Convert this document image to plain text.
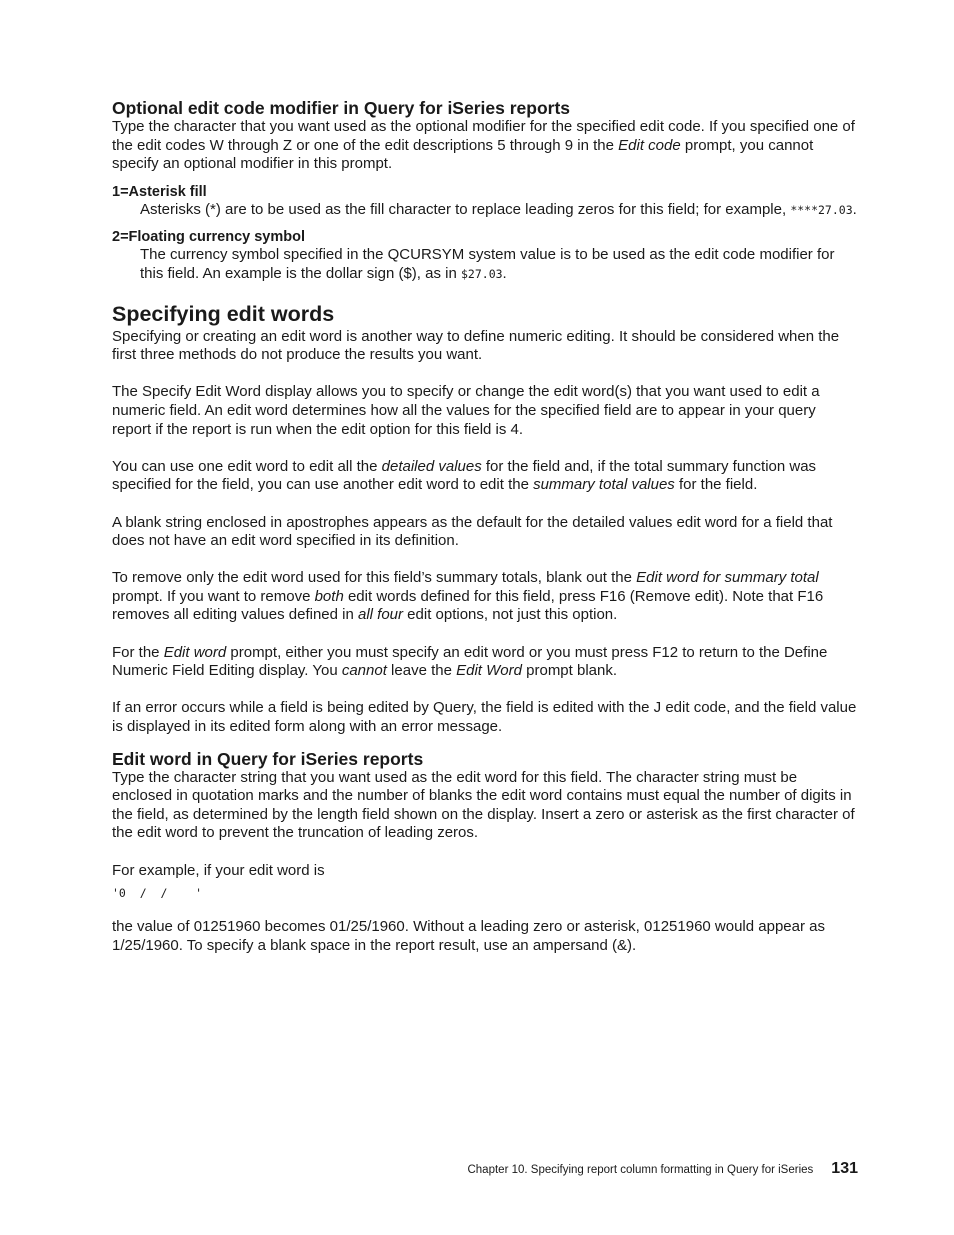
Optional edit code modifier in Query for iSeries reports

Type the character that you want used as the optional modifier for the specified edit code. If you specified one of the edit codes W through Z or one of the edit descriptions 5 through 9 in the Edit code prompt, you cannot specify an optional modifier in this prompt.

1=Asterisk fill

Asterisks (*) are to be used as the fill character to replace leading zeros for this field; for example, ****27.03.

2=Floating currency symbol

The currency symbol specified in the QCURSYM system value is to be used as the edit code modifier for this field. An example is the dollar sign ($), as in $27.03.

Specifying edit words

Specifying or creating an edit word is another way to define numeric editing. It should be considered when the first three methods do not produce the results you want.

The Specify Edit Word display allows you to specify or change the edit word(s) that you want used to edit a numeric field. An edit word determines how all the values for the specified field are to appear in your query report if the report is run when the edit option for this field is 4.

You can use one edit word to edit all the detailed values for the field and, if the total summary function was specified for the field, you can use another edit word to edit the summary total values for the field.

A blank string enclosed in apostrophes appears as the default for the detailed values edit word for a field that does not have an edit word specified in its definition.

To remove only the edit word used for this field’s summary totals, blank out the Edit word for summary total prompt. If you want to remove both edit words defined for this field, press F16 (Remove edit). Note that F16 removes all editing values defined in all four edit options, not just this option.

For the Edit word prompt, either you must specify an edit word or you must press F12 to return to the Define Numeric Field Editing display. You cannot leave the Edit Word prompt blank.

If an error occurs while a field is being edited by Query, the field is edited with the J edit code, and the field value is displayed in its edited form along with an error message.

Edit word in Query for iSeries reports

Type the character string that you want used as the edit word for this field. The character string must be enclosed in quotation marks and the number of blanks the edit word contains must equal the number of digits in the field, as determined by the length field shown on the display. Insert a zero or asterisk as the first character of the edit word to prevent the truncation of leading zeros.

For example, if your edit word is

'0  /  /    '

the value of 01251960 becomes 01/25/1960. Without a leading zero or asterisk, 01251960 would appear as 1/25/1960. To specify a blank space in the report result, use an ampersand (&).

Chapter 10. Specifying report column formatting in Query for iSeries 131
